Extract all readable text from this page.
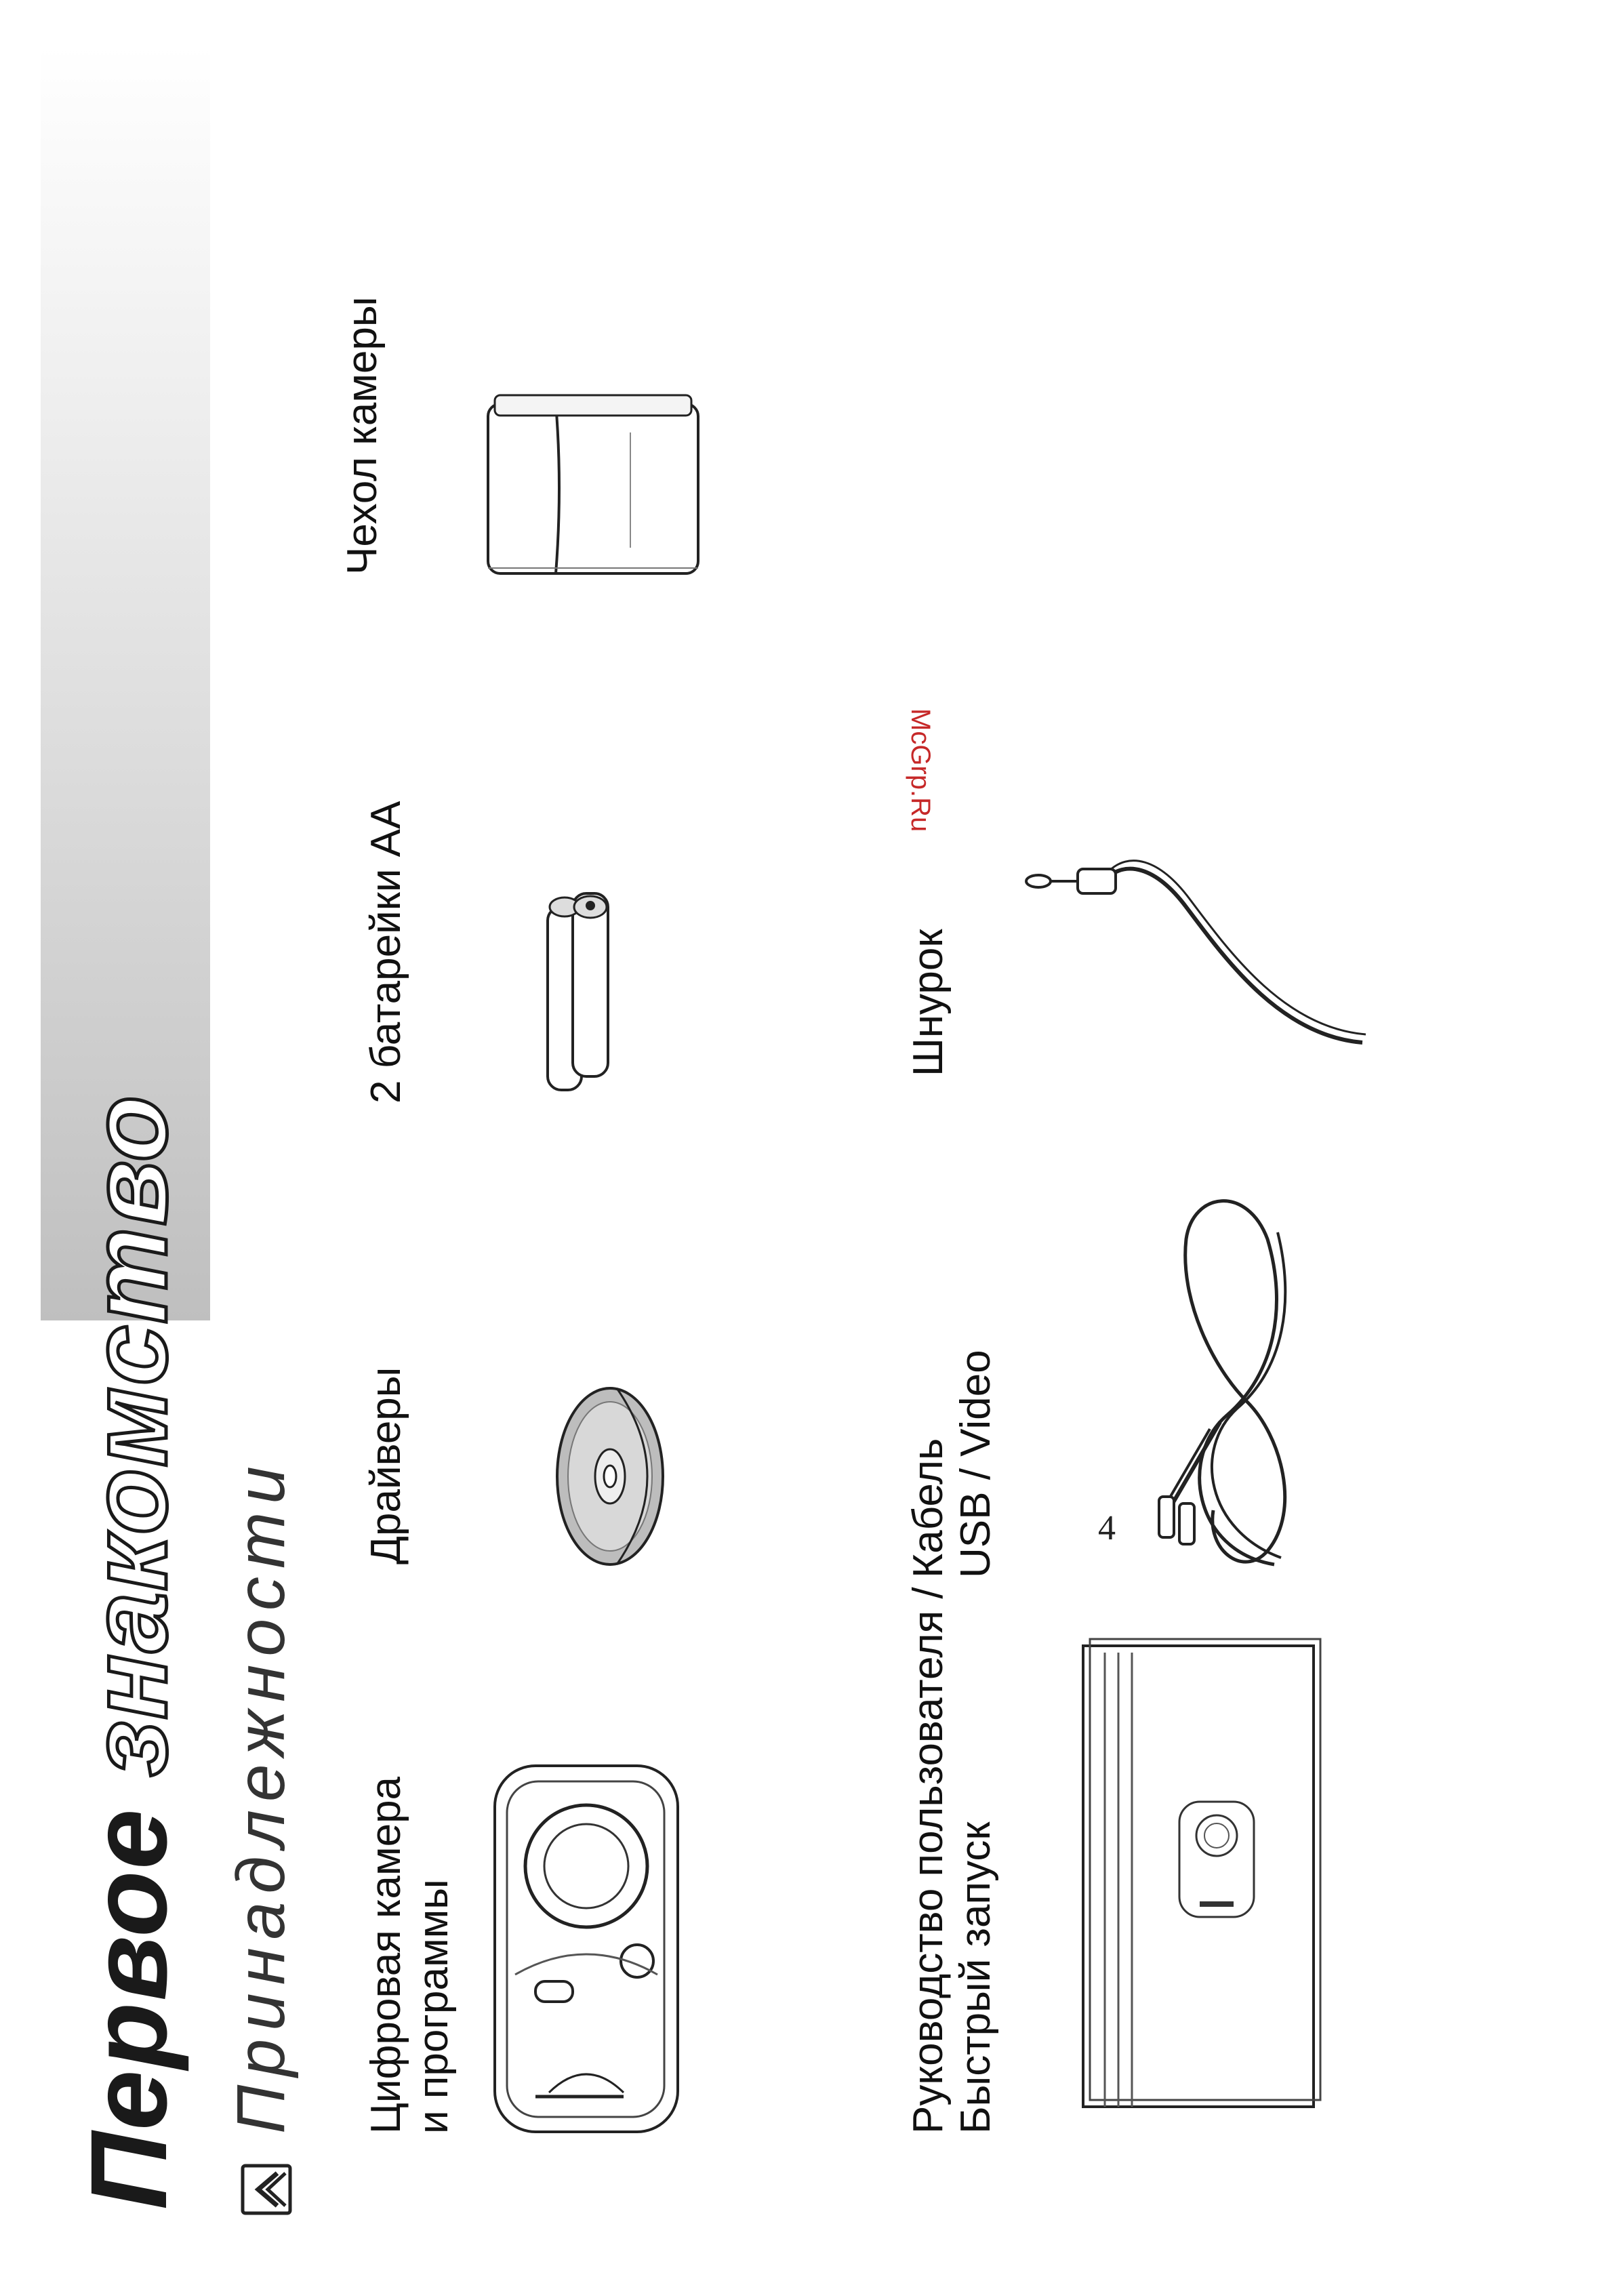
Первое знакомство
Принадлежности Цифровая камера и программы
Драйверы
2 батарейки АА
Чехол камеры
Руководство пользователя / Быстрый запуск
Кабель USB / Video
Шнурок
McGrp.Ru
4
